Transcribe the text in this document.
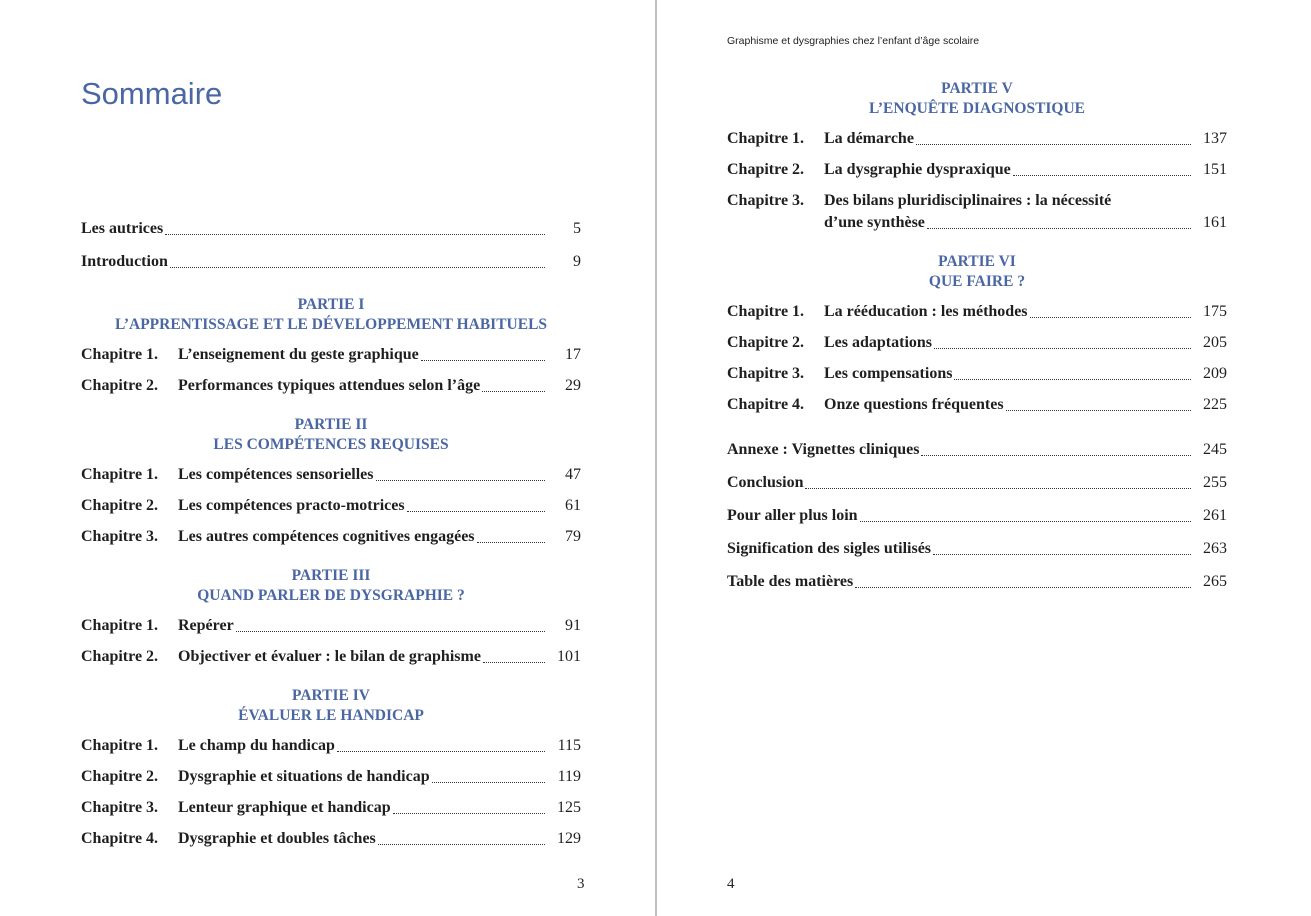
Sommaire
Les autrices	5
Introduction	9
PARTIE I
L’APPRENTISSAGE ET LE DÉVELOPPEMENT HABITUELS
Chapitre 1.	L’enseignement du geste graphique	17
Chapitre 2.	Performances typiques attendues selon l’âge	29
PARTIE II
LES COMPÉTENCES REQUISES
Chapitre 1.	Les compétences sensorielles	47
Chapitre 2.	Les compétences practo-motrices	61
Chapitre 3.	Les autres compétences cognitives engagées	79
PARTIE III
QUAND PARLER DE DYSGRAPHIE ?
Chapitre 1.	Repérer	91
Chapitre 2.	Objectiver et évaluer : le bilan de graphisme	101
PARTIE IV
ÉVALUER LE HANDICAP
Chapitre 1.	Le champ du handicap	115
Chapitre 2.	Dysgraphie et situations de handicap	119
Chapitre 3.	Lenteur graphique et handicap	125
Chapitre 4.	Dysgraphie et doubles tâches	129
3
Graphisme et dysgraphies chez l’enfant d’âge scolaire
PARTIE V
L’ENQUÊTE DIAGNOSTIQUE
Chapitre 1.	La démarche	137
Chapitre 2.	La dysgraphie dyspraxique	151
Chapitre 3.	Des bilans pluridisciplinaires : la nécessité
d’une synthèse	161
PARTIE VI
QUE FAIRE ?
Chapitre 1.	La rééducation : les méthodes	175
Chapitre 2.	Les adaptations	205
Chapitre 3.	Les compensations	209
Chapitre 4.	Onze questions fréquentes	225
Annexe : Vignettes cliniques	245
Conclusion	255
Pour aller plus loin	261
Signification des sigles utilisés	263
Table des matières	265
4
